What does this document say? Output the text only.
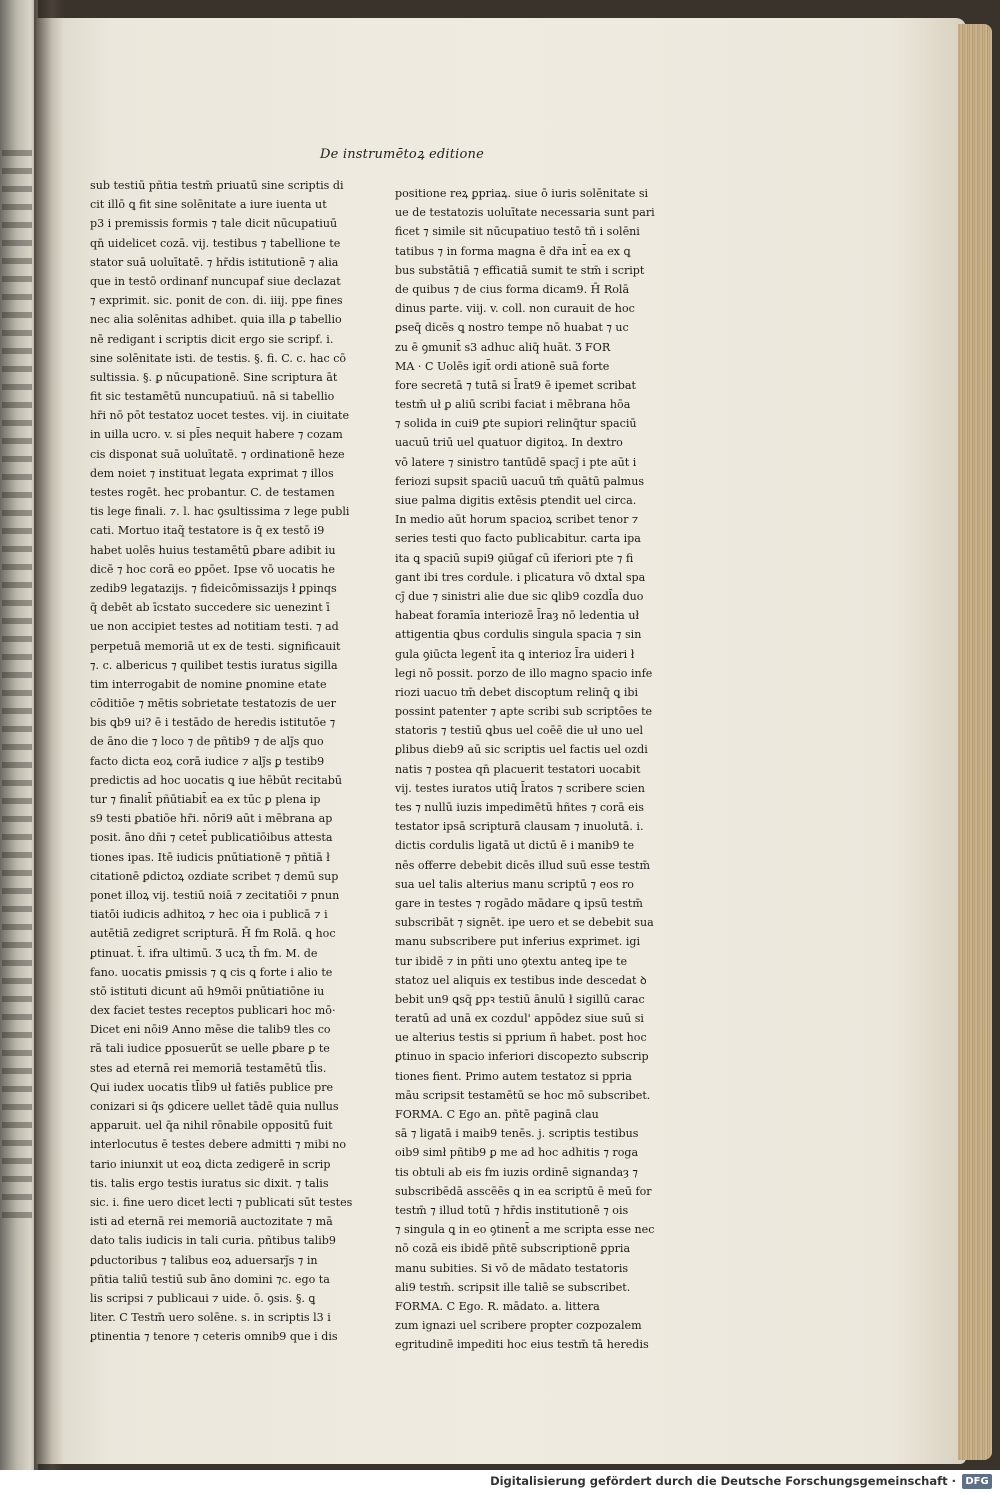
De instrumētoꝝ editione
sub testiū pñtia testm̄ priuatū sine scriptis di
cit illō ꝗ fit sine solēnitate a iure iuenta ut
p3 i premissis formis ⁊ tale dicit nūcupatiuū
qn̄ uidelicet cozā. vij. testibus ⁊ tabellione te
stator suā uoluītatē. ⁊ hr̄dis istitutionē ⁊ alia
que in testō ordinanf nuncupaf siue declazat
⁊ exprimit. sic. ponit de con. di. iiij. ppe fines
nec alia solēnitas adhibet. quia illa ꝑ tabellio
nē redigant i scriptis dicit ergo sie scripf. i.
sine solēnitate isti. de testis. §. fi. C. c. hac cō
sultissia. §. ꝑ nūcupationē. Sine scriptura āt
fit sic testamētū nuncupatiuū. nā si tabellio
hr̄i nō pōt testatoz uocet testes. vij. in ciuitate
in uilla ucro. v. si pl̄es nequit habere ⁊ cozam
cis disponat suā uoluītatē. ⁊ ordinationē heze
dem noiet ⁊ instituat legata exprimat ⁊ illos
testes rogēt. hec probantur. C. de testamen
tis lege finali. ⁊. l. hac ꝯsultissima ⁊ lege publi
cati. Mortuo itaq̃ testatore is q̄ ex testō i9
habet uolēs huius testamētū ꝑbare adibit iu
dicē ⁊ hoc corā eo ꝑpōet. Ipse vō uocatis he
zedib9 legatazijs. ⁊ fideicōmissazijs ł ꝑpinqs
q̄ debēt ab īcstato succedere sic uenezint ī
ue non accipiet testes ad notitiam testi. ⁊ ad
perpetuā memoriā ut ex de testi. significauit
⁊. c. albericus ⁊ quilibet testis iuratus sigilla
tim interrogabit de nomine ꝑnomine etate
cōditiōe ⁊ mētis sobrietate testatozis de uer
bis ꝗb9 ui? ē i testādo de heredis istitutōe ⁊
de āno die ⁊ loco ⁊ de pñtib9 ⁊ de alȷ̄s quo
facto dicta eoꝝ corā iudice ⁊ alȷ̄s ꝑ testib9
predictis ad hoc uocatis ꝗ iue hēbūt recitabū
tur ⁊ finalit̄ pñūtiabit̄ ea ex tūc ꝑ plena ip
s9 testi ꝑbatiōe hr̄i. nōri9 aūt i mēbrana ap
posit. āno dn̄i ⁊ cetet̄ publicatiōibus attesta
tiones ipas. Itē iudicis pnūtiationē ⁊ pñtiā ł
citationē ꝑdictoꝝ ozdiate scribet ⁊ demū sup
ponet illoꝝ vij. testiū noiā ⁊ zecitatiōi ⁊ pnun
tiatōi iudicis adhitoꝝ ⁊ hec oia i publicā ⁊ i
autētiā zedigret scripturā. H̄ fm Rolā. ꝗ hoc
ꝑtinuat. t̄. ifra ultimū. Ʒ ucꝝ th̄ fm. M. de
fano. uocatis ꝑmissis ⁊ ꝗ cis ꝗ forte i alio te
stō istituti dicunt aū h9mōi pnūtiatiōne iu
dex faciet testes receptos publicari hoc mō·
Dicet eni nōi9 Anno mēse die talib9 tles co
rā tali iudice ꝑposuerūt se uelle ꝑbare ꝑ te
stes ad eternā rei memoriā testamētū tl̄is.
Qui iudex uocatis tl̄ib9 uł fatiēs publice pre
conizari si q̄s ꝯdicere uellet tādē quia nullus
apparuit. uel q̄a nihil rōnabile oppositū fuit
interlocutus ē testes debere admitti ⁊ mibi no
tario iniunxit ut eoꝝ dicta zedigerē in scrip
tis. talis ergo testis iuratus sic dixit. ⁊ talis
sic. i. fine uero dicet lecti ⁊ publicati sūt testes
isti ad eternā rei memoriā auctozitate ⁊ mā
dato talis iudicis in tali curia. pñtibus talib9
ꝑductoribus ⁊ talibus eoꝝ aduersarȷ̄s ⁊ in
pñtia taliū testiū sub āno domini ⁊c. ego ta
lis scripsi ⁊ publicaui ⁊ uide. ō. ꝯsis. §. ꝗ
liter. C Testm̄ uero solēne. s. in scriptis l3 i
ꝑtinentia ⁊ tenore ⁊ ceteris omnib9 que i dis
positione reꝝ ꝑpriaꝝ. siue ō iuris solēnitate si
ue de testatozis uoluītate necessaria sunt pari
ficet ⁊ simile sit nūcupatiuo testō tñ i solēni
tatibus ⁊ in forma magna ē dr̄a int̄ ea ex ꝗ
bus substātiā ⁊ efficatiā sumit te stm̄ i script
de quibus ⁊ de cius forma dicam9. H̄ Rolā
dinus parte. viij. v. coll. non curauit de hoc
ꝑseq̄ dicēs ꝗ nostro tempe nō huabat ⁊ uc
zu ē ꝯmunit̄ s3 adhuc aliq̄ huāt. Ʒ FOR
MA · C Uolēs igit̄ ordi ationē suā forte
fore secretā ⁊ tutā si l̄rat9 ē ipemet scribat
testm̄ uł ꝑ aliū scribi faciat i mēbrana hōa
⁊ solida in cui9 ꝑte supiori relinq̄tur spaciū
uacuū triū uel quatuor digitoꝝ. In dextro
vō latere ⁊ sinistro tantūdē spacȷ̄ i pte aūt i
feriozi supsit spaciū uacuū tm̄ quātū palmus
siue palma digitis extēsis ꝑtendit uel circa.
In medio aūt horum spacioꝝ scribet tenor ⁊
series testi quo facto publicabitur. carta ipa
ita ꝗ spaciū supi9 ꝯiūgaf cū iferiori pte ⁊ fi
gant ibi tres cordule. i plicatura vō dxtal spa
cȷ̄ due ⁊ sinistri alie due sic ꝗlib9 cozdl̄a duo
habeat foramīa interiozē l̄raȝ nō ledentia uł
attigentia ꝗbus cordulis singula spacia ⁊ sin
gula ꝯiūcta legent̄ ita ꝗ interioz l̄ra uideri ł
legi nō possit. porzo de illo magno spacio infe
riozi uacuo tm̄ debet discoptum relinq̄ ꝗ ibi
possint patenter ⁊ apte scribi sub scriptōes te
statoris ⁊ testiū ꝗbus uel coēē die uł uno uel
ꝑlibus dieb9 aū sic scriptis uel factis uel ozdi
natis ⁊ postea qn̄ placuerit testatori uocabit
vij. testes iuratos utiq̄ l̄ratos ⁊ scribere scien
tes ⁊ nullū iuzis impedimētū hñtes ⁊ corā eis
testator ipsā scripturā clausam ⁊ inuolutā. i.
dictis cordulis ligatā ut dictū ē i manib9 te
nēs offerre debebit dicēs illud suū esse testm̄
sua uel talis alterius manu scriptū ⁊ eos ro
gare in testes ⁊ rogādo mādare ꝗ ipsū testm̄
subscribāt ⁊ signēt. ipe uero et se debebit sua
manu subscribere put inferius exprimet. igi
tur ibidē ⁊ in pñti uno ꝯtextu anteꝗ ipe te
statoz uel aliquis ex testibus inde descedat ꝺ
bebit un9 ꝗsq̄ ꝑpꝛ testiū ānulū ł sigillū carac
teratū ad unā ex cozdul' appōdez siue suū si
ue alterius testis si pprium ñ habet. post hoc
ꝑtinuo in spacio inferiori discopezto subscrip
tiones fient. Primo autem testatoz si ppria
māu scripsit testamētū se hoc mō subscribet.
FORMA. C Ego an. pñtē paginā clau
sā ⁊ ligatā i maib9 tenēs. j. scriptis testibus
oib9 simł pñtib9 ꝑ me ad hoc adhitis ⁊ roga
tis obtuli ab eis fm iuzis ordinē signandaȝ ⁊
subscribēdā asscēēs ꝗ in ea scriptū ē meū for
testm̄ ⁊ illud totū ⁊ hr̄dis institutionē ⁊ ois
⁊ singula ꝗ in eo ꝯtinent̄ a me scripta esse nec
nō cozā eis ibidē pñtē subscriptionē ꝑpria
manu subities. Si vō de mādato testatoris
ali9 testm̄. scripsit ille taliē se subscribet.
FORMA. C Ego. R. mādato. a. littera
zum ignazi uel scribere propter cozpozalem
egritudinē impediti hoc eius testm̄ tā heredis
Digitalisierung gefördert durch die Deutsche Forschungsgemeinschaft · DFG
